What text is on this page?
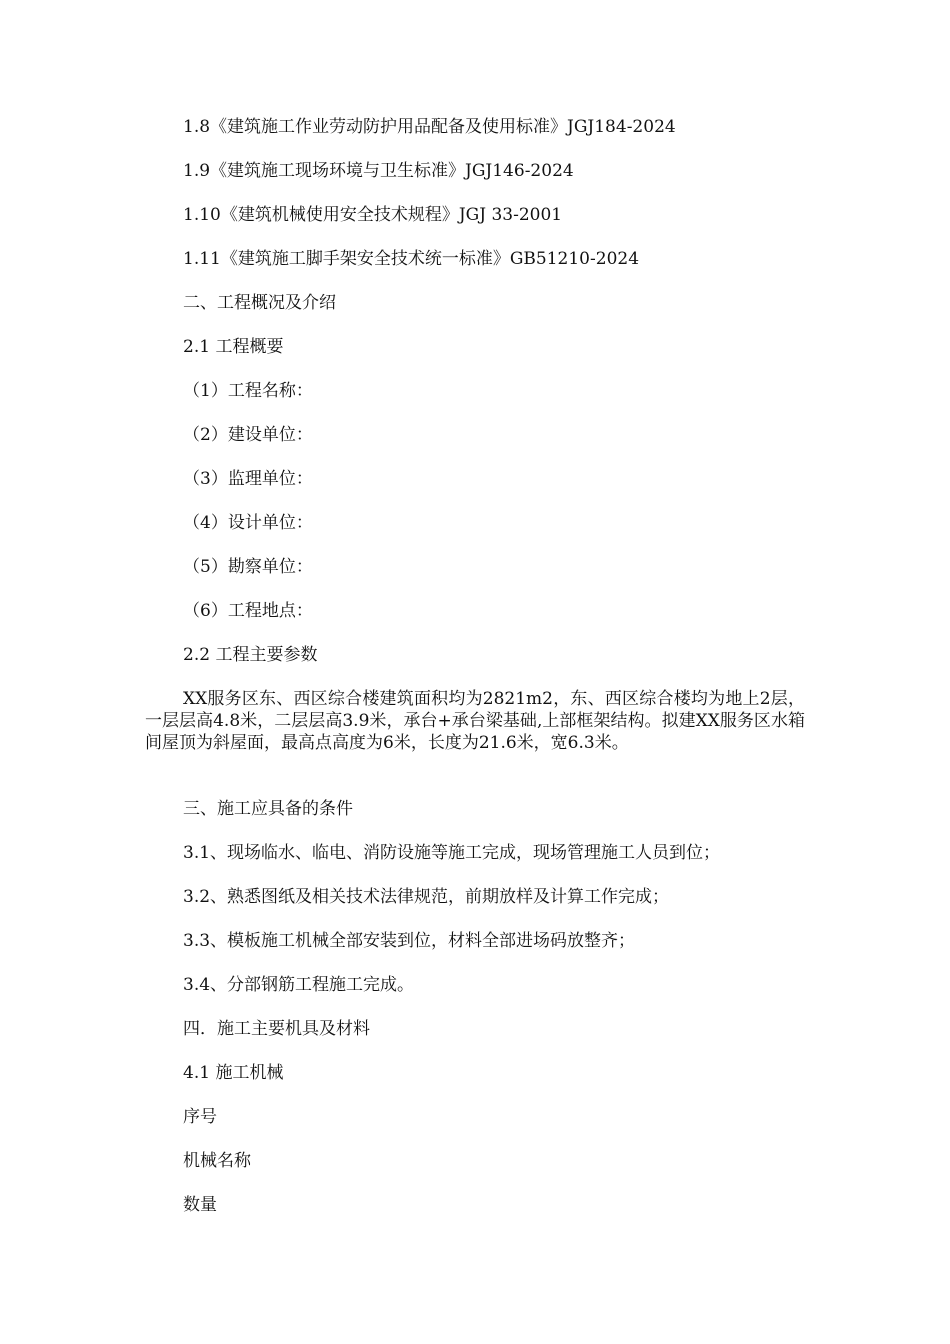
1.8《建筑施工作业劳动防护用品配备及使用标准》JGJ184-2024
1.9《建筑施工现场环境与卫生标准》JGJ146-2024
1.10《建筑机械使用安全技术规程》JGJ 33-2001
1.11《建筑施工脚手架安全技术统一标准》GB51210-2024
二、工程概况及介绍
2.1 工程概要
（1）工程名称：
（2）建设单位：
（3）监理单位：
（4）设计单位：
（5）勘察单位：
（6）工程地点：
2.2 工程主要参数
XX服务区东、西区综合楼建筑面积均为2821m2，东、西区综合楼均为地上2层，一层层高4.8米，二层层高3.9米，承台+承台梁基础,上部框架结构。拟建XX服务区水箱间屋顶为斜屋面，最高点高度为6米，长度为21.6米，宽6.3米。
三、施工应具备的条件
3.1、现场临水、临电、消防设施等施工完成，现场管理施工人员到位；
3.2、熟悉图纸及相关技术法律规范，前期放样及计算工作完成；
3.3、模板施工机械全部安装到位，材料全部进场码放整齐；
3.4、分部钢筋工程施工完成。
四．施工主要机具及材料
4.1 施工机械
序号
机械名称
数量
